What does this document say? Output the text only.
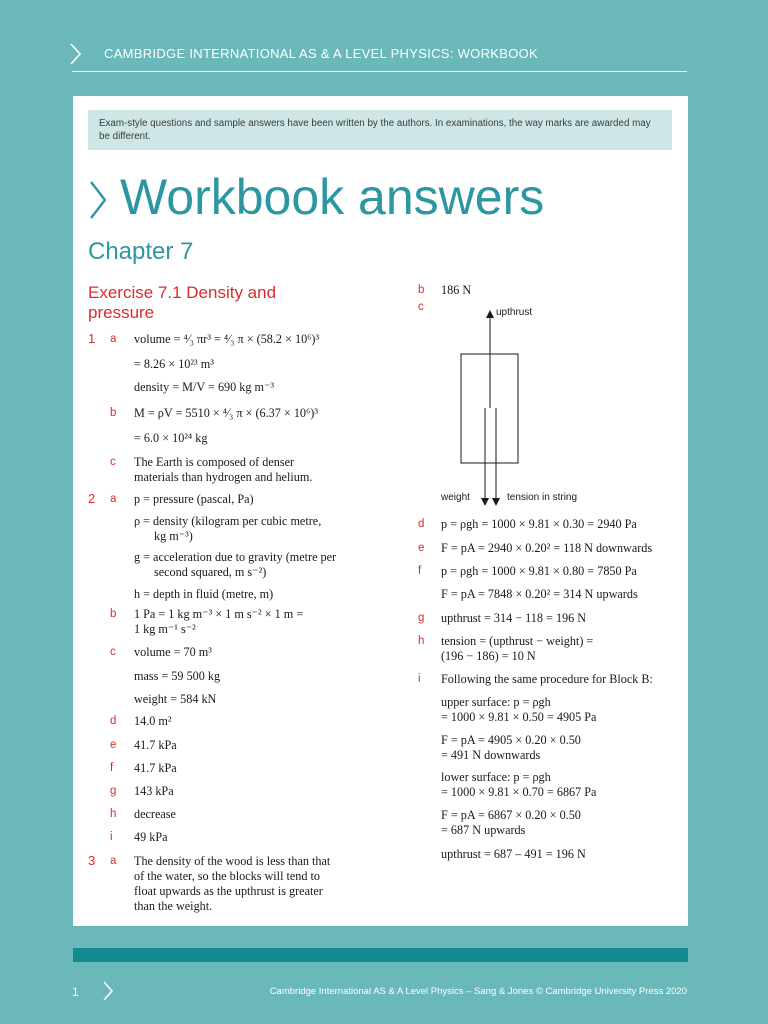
CAMBRIDGE INTERNATIONAL AS & A LEVEL PHYSICS: WORKBOOK
Exam-style questions and sample answers have been written by the authors. In examinations, the way marks are awarded may be different.
Workbook answers
Chapter 7
Exercise 7.1 Density and pressure
1
2
3
a
b
c
a
b
c
d
e
f
g
h
i
a
volume = ⁴⁄₃ πr³ = ⁴⁄₃ π × (58.2 × 10⁶)³
= 8.26 × 10²³ m³
density = M/V = 690 kg m⁻³
M = ρV = 5510 × ⁴⁄₃ π × (6.37 × 10⁶)³
= 6.0 × 10²⁴ kg
The Earth is composed of denser
materials than hydrogen and helium.
p = pressure (pascal, Pa)
ρ = density (kilogram per cubic metre,
kg m⁻³)
g = acceleration due to gravity (metre per
second squared, m s⁻²)
h = depth in fluid (metre, m)
1 Pa = 1 kg m⁻³ × 1 m s⁻² × 1 m =
1 kg m⁻¹ s⁻²
volume = 70 m³
mass = 59 500 kg
weight = 584 kN
14.0 m²
41.7 kPa
41.7 kPa
143 kPa
decrease
49 kPa
The density of the wood is less than that
of the water, so the blocks will tend to
float upwards as the upthrust is greater
than the weight.
b
c
d
e
f
g
h
i
186 N
p = ρgh = 1000 × 9.81 × 0.30 = 2940 Pa
F = pA = 2940 × 0.20² = 118 N downwards
p = ρgh = 1000 × 9.81 × 0.80 = 7850 Pa
F = pA = 7848 × 0.20² = 314 N upwards
upthrust = 314 − 118 = 196 N
tension = (upthrust − weight) =
(196 − 186) = 10 N
Following the same procedure for Block B:
upper surface: p = ρgh
= 1000 × 9.81 × 0.50 = 4905 Pa
F = pA = 4905 × 0.20 × 0.50
= 491 N downwards
lower surface: p = ρgh
= 1000 × 9.81 × 0.70 = 6867 Pa
F = pA = 6867 × 0.20 × 0.50
= 687 N upwards
upthrust = 687 – 491 = 196 N
upthrust
weight	tension in string
1	Cambridge International AS & A Level Physics – Sang & Jones © Cambridge University Press 2020
